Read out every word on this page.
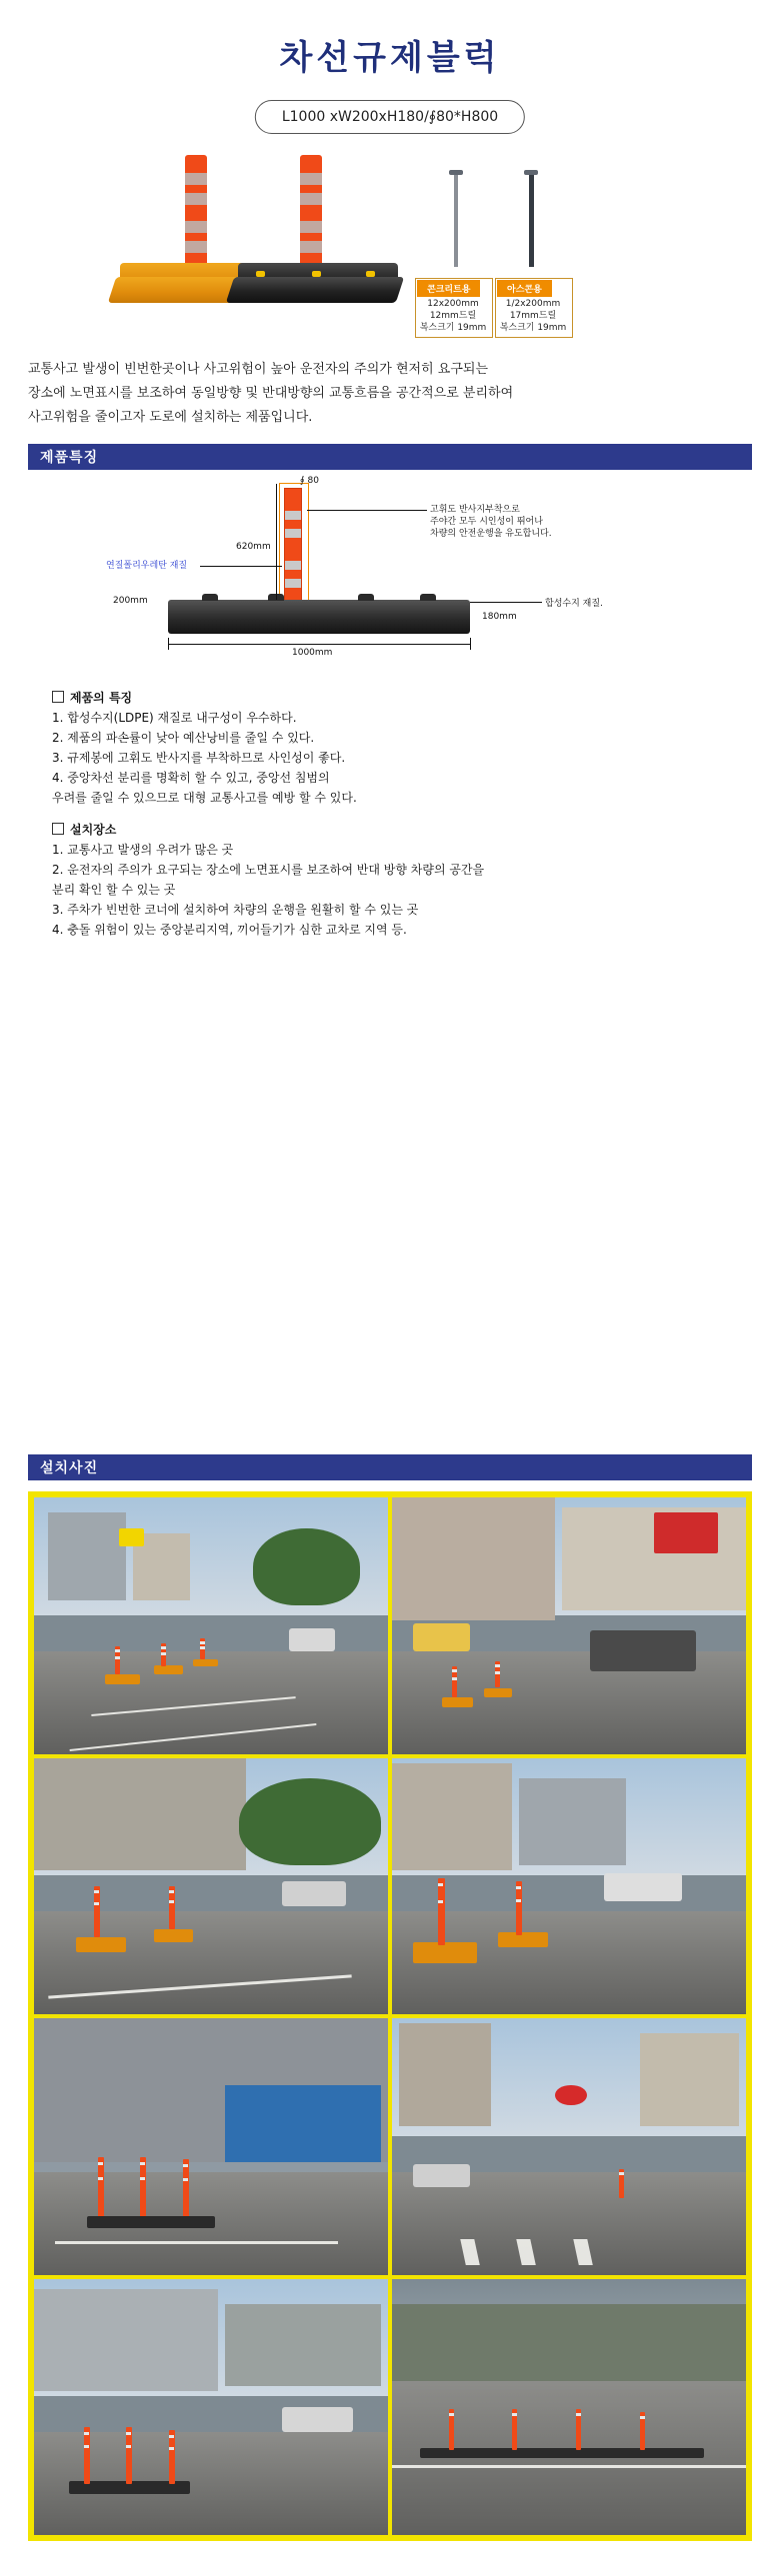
차선규제블럭
L1000 xW200xH180/∮80*H800
콘크리트용
12x200mm
12mm드릴
복스크기 19mm
아스콘용
1/2x200mm
17mm드릴
복스크기 19mm
교통사고 발생이 빈번한곳이나 사고위험이 높아 운전자의 주의가 현저히 요구되는
장소에 노면표시를 보조하여 동일방향 및 반대방향의 교통흐름을 공간적으로 분리하여
사고위험을 줄이고자 도로에 설치하는 제품입니다.
제품특징
∮ 80
620mm
200mm
180mm
1000mm
연질폴리우레탄 재질
합성수지 재질.
고휘도 반사지부착으로
주야간 모두 시인성이 뛰어나
차량의 안전운행을 유도합니다.
제품의 특징
1. 합성수지(LDPE) 재질로 내구성이 우수하다.
2. 제품의 파손률이 낮아 예산낭비를 줄일 수 있다.
3. 규제봉에 고휘도 반사지를 부착하므로 사인성이 좋다.
4. 중앙차선 분리를 명확히 할 수 있고, 중앙선 침범의
우려를 줄일 수 있으므로 대형 교통사고를 예방 할 수 있다.
설치장소
1. 교통사고 발생의 우려가 많은 곳
2. 운전자의 주의가 요구되는 장소에 노면표시를 보조하여 반대 방향 차량의 공간을
분리 확인 할 수 있는 곳
3. 주차가 빈번한 코너에 설치하여 차량의 운행을 원활히 할 수 있는 곳
4. 충돌 위험이 있는 중앙분리지역, 끼어들기가 심한 교차로 지역 등.
설치사진
